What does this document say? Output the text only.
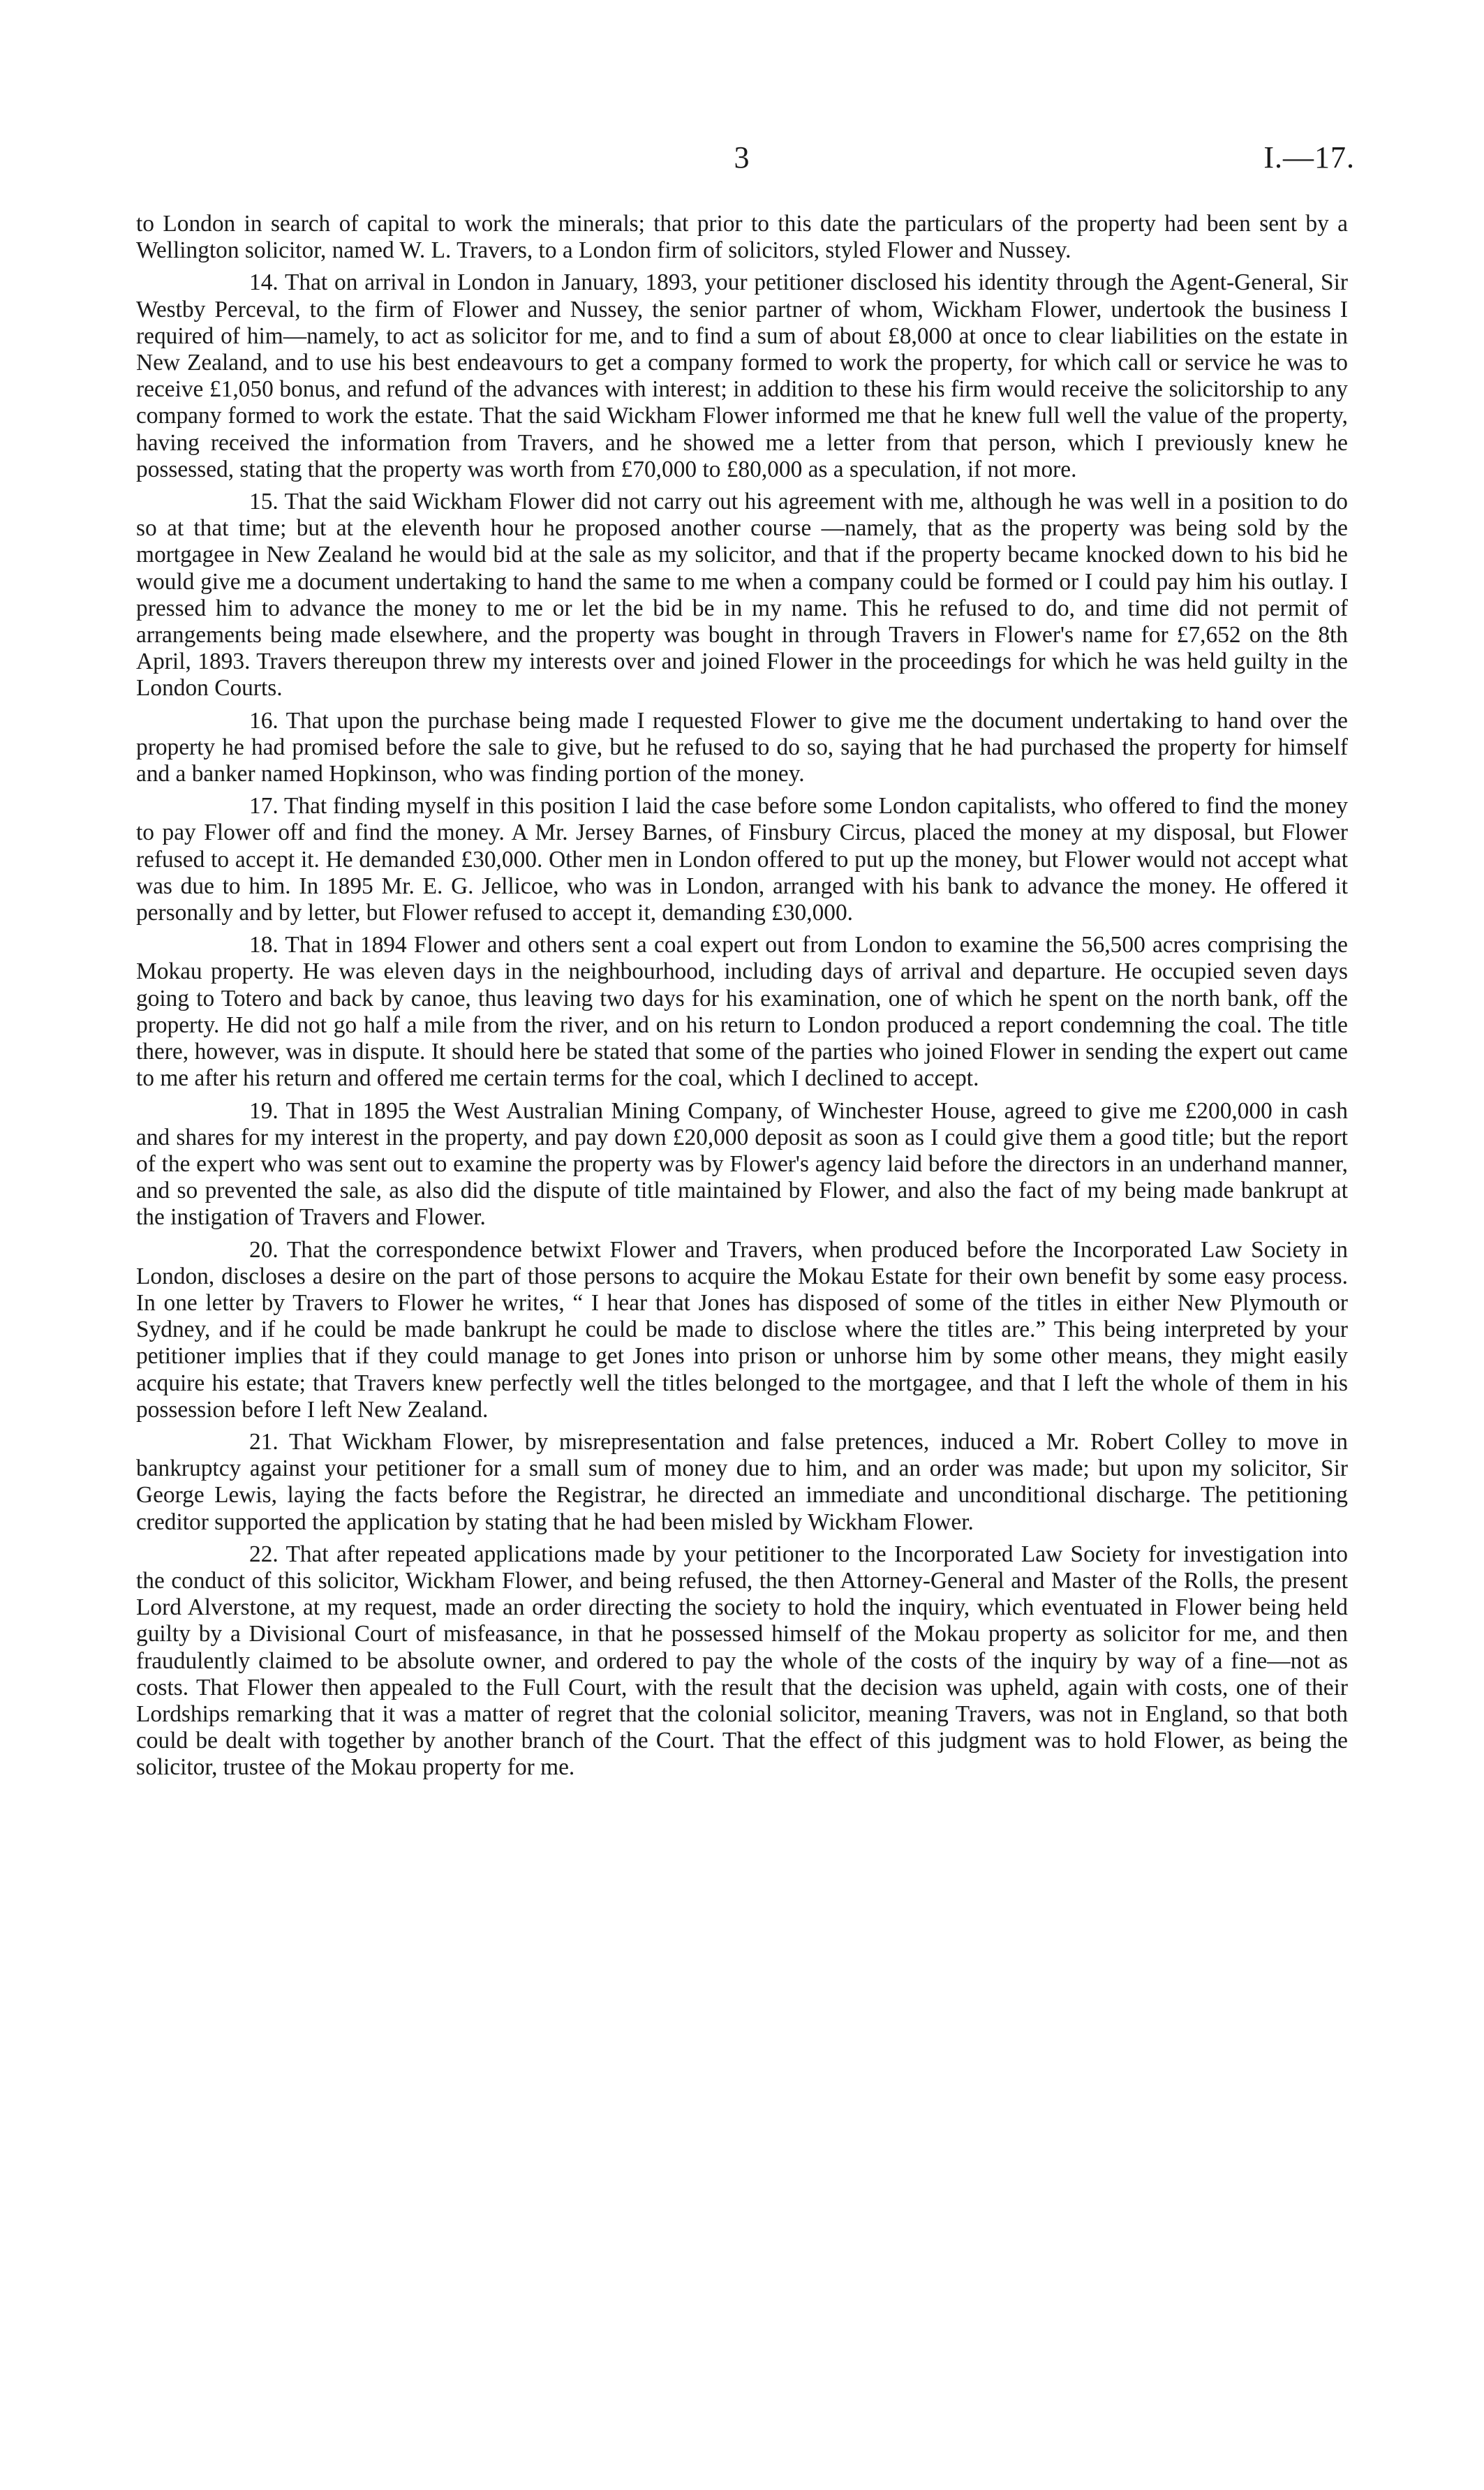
3	I.—17.

to London in search of capital to work the minerals; that prior to this date the particulars of the property had been sent by a Wellington solicitor, named W. L. Travers, to a London firm of solicitors, styled Flower and Nussey.

14. That on arrival in London in January, 1893, your petitioner disclosed his identity through the Agent-General, Sir Westby Perceval, to the firm of Flower and Nussey, the senior partner of whom, Wickham Flower, undertook the business I required of him—namely, to act as solicitor for me, and to find a sum of about £8,000 at once to clear liabilities on the estate in New Zealand, and to use his best endeavours to get a company formed to work the property, for which call or service he was to receive £1,050 bonus, and refund of the advances with interest; in addition to these his firm would receive the solicitorship to any company formed to work the estate. That the said Wickham Flower informed me that he knew full well the value of the property, having received the information from Travers, and he showed me a letter from that person, which I previously knew he possessed, stating that the property was worth from £70,000 to £80,000 as a speculation, if not more.

15. That the said Wickham Flower did not carry out his agreement with me, although he was well in a position to do so at that time; but at the eleventh hour he proposed another course —namely, that as the property was being sold by the mortgagee in New Zealand he would bid at the sale as my solicitor, and that if the property became knocked down to his bid he would give me a document undertaking to hand the same to me when a company could be formed or I could pay him his outlay. I pressed him to advance the money to me or let the bid be in my name. This he refused to do, and time did not permit of arrangements being made elsewhere, and the property was bought in through Travers in Flower's name for £7,652 on the 8th April, 1893. Travers thereupon threw my interests over and joined Flower in the proceedings for which he was held guilty in the London Courts.

16. That upon the purchase being made I requested Flower to give me the document undertaking to hand over the property he had promised before the sale to give, but he refused to do so, saying that he had purchased the property for himself and a banker named Hopkinson, who was finding portion of the money.

17. That finding myself in this position I laid the case before some London capitalists, who offered to find the money to pay Flower off and find the money. A Mr. Jersey Barnes, of Finsbury Circus, placed the money at my disposal, but Flower refused to accept it. He demanded £30,000. Other men in London offered to put up the money, but Flower would not accept what was due to him. In 1895 Mr. E. G. Jellicoe, who was in London, arranged with his bank to advance the money. He offered it personally and by letter, but Flower refused to accept it, demanding £30,000.

18. That in 1894 Flower and others sent a coal expert out from London to examine the 56,500 acres comprising the Mokau property. He was eleven days in the neighbourhood, including days of arrival and departure. He occupied seven days going to Totero and back by canoe, thus leaving two days for his examination, one of which he spent on the north bank, off the property. He did not go half a mile from the river, and on his return to London produced a report condemning the coal. The title there, however, was in dispute. It should here be stated that some of the parties who joined Flower in sending the expert out came to me after his return and offered me certain terms for the coal, which I declined to accept.

19. That in 1895 the West Australian Mining Company, of Winchester House, agreed to give me £200,000 in cash and shares for my interest in the property, and pay down £20,000 deposit as soon as I could give them a good title; but the report of the expert who was sent out to examine the property was by Flower's agency laid before the directors in an underhand manner, and so prevented the sale, as also did the dispute of title maintained by Flower, and also the fact of my being made bankrupt at the instigation of Travers and Flower.

20. That the correspondence betwixt Flower and Travers, when produced before the Incorporated Law Society in London, discloses a desire on the part of those persons to acquire the Mokau Estate for their own benefit by some easy process. In one letter by Travers to Flower he writes, “ I hear that Jones has disposed of some of the titles in either New Plymouth or Sydney, and if he could be made bankrupt he could be made to disclose where the titles are.” This being interpreted by your petitioner implies that if they could manage to get Jones into prison or unhorse him by some other means, they might easily acquire his estate; that Travers knew perfectly well the titles belonged to the mortgagee, and that I left the whole of them in his possession before I left New Zealand.

21. That Wickham Flower, by misrepresentation and false pretences, induced a Mr. Robert Colley to move in bankruptcy against your petitioner for a small sum of money due to him, and an order was made; but upon my solicitor, Sir George Lewis, laying the facts before the Registrar, he directed an immediate and unconditional discharge. The petitioning creditor supported the application by stating that he had been misled by Wickham Flower.

22. That after repeated applications made by your petitioner to the Incorporated Law Society for investigation into the conduct of this solicitor, Wickham Flower, and being refused, the then Attorney-General and Master of the Rolls, the present Lord Alverstone, at my request, made an order directing the society to hold the inquiry, which eventuated in Flower being held guilty by a Divisional Court of misfeasance, in that he possessed himself of the Mokau property as solicitor for me, and then fraudulently claimed to be absolute owner, and ordered to pay the whole of the costs of the inquiry by way of a fine—not as costs. That Flower then appealed to the Full Court, with the result that the decision was upheld, again with costs, one of their Lordships remarking that it was a matter of regret that the colonial solicitor, meaning Travers, was not in England, so that both could be dealt with together by another branch of the Court. That the effect of this judgment was to hold Flower, as being the solicitor, trustee of the Mokau property for me.
